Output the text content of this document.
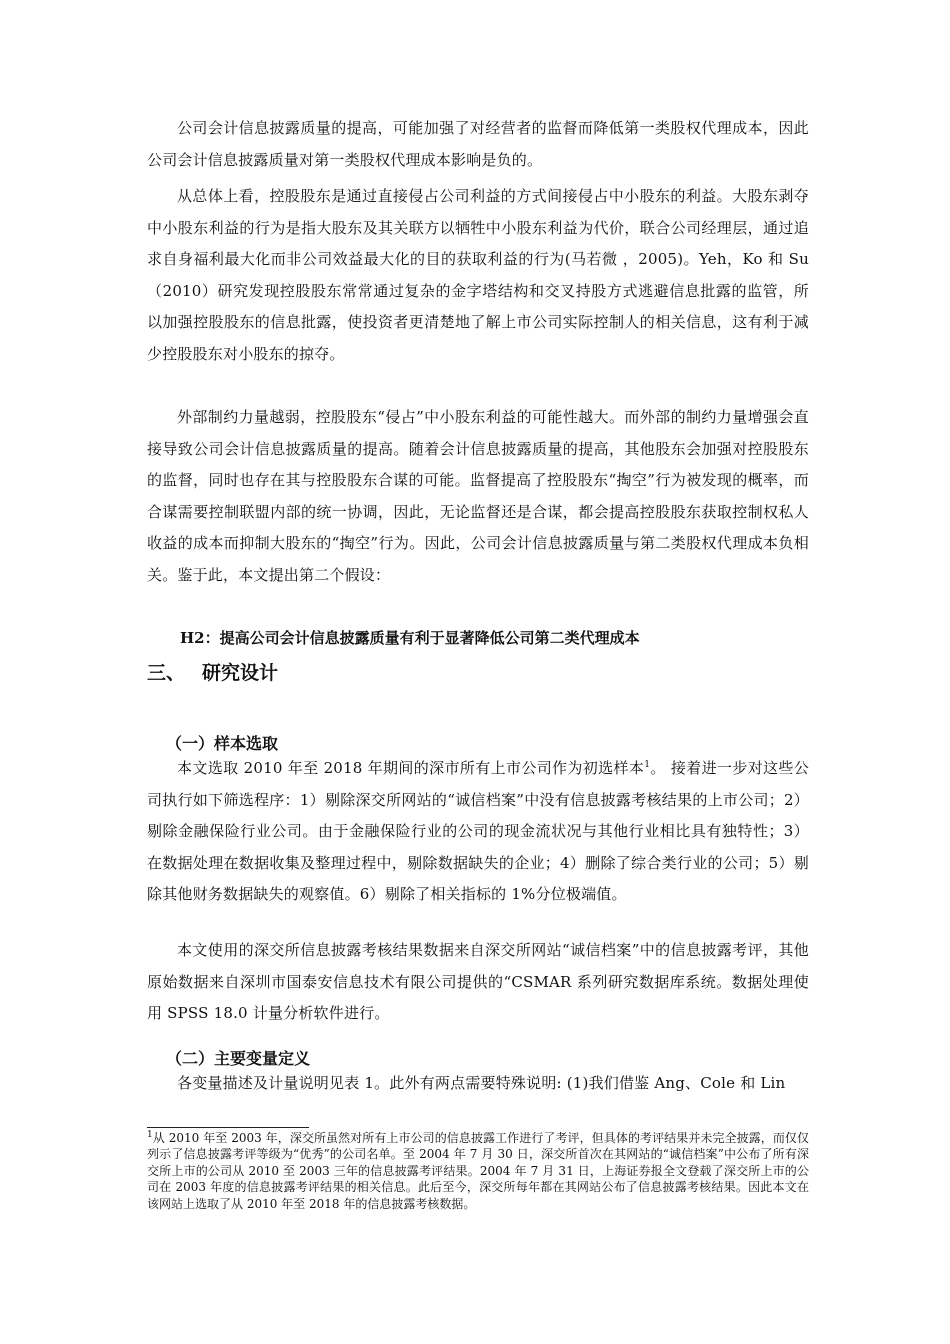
公司会计信息披露质量的提高，可能加强了对经营者的监督而降低第一类股权代理成本，因此公司会计信息披露质量对第一类股权代理成本影响是负的。

从总体上看，控股股东是通过直接侵占公司利益的方式间接侵占中小股东的利益。大股东剥夺中小股东利益的行为是指大股东及其关联方以牺牲中小股东利益为代价，联合公司经理层，通过追求自身福利最大化而非公司效益最大化的目的获取利益的行为(马若微 ，2005)。Yeh，Ko 和 Su（2010）研究发现控股股东常常通过复杂的金字塔结构和交叉持股方式逃避信息批露的监管，所以加强控股股东的信息批露，使投资者更清楚地了解上市公司实际控制人的相关信息，这有利于减少控股股东对小股东的掠夺。

外部制约力量越弱，控股股东“侵占”中小股东利益的可能性越大。而外部的制约力量增强会直接导致公司会计信息披露质量的提高。随着会计信息披露质量的提高，其他股东会加强对控股股东的监督，同时也存在其与控股股东合谋的可能。监督提高了控股股东“掏空”行为被发现的概率，而合谋需要控制联盟内部的统一协调，因此，无论监督还是合谋，都会提高控股股东获取控制权私人收益的成本而抑制大股东的“掏空”行为。因此，公司会计信息披露质量与第二类股权代理成本负相关。鉴于此，本文提出第二个假设：

H2：提高公司会计信息披露质量有利于显著降低公司第二类代理成本

三、 研究设计
（一）样本选取

本文选取 2010 年至 2018 年期间的深市所有上市公司作为初选样本$^1$。 接着进一步对这些公司执行如下筛选程序：1）剔除深交所网站的“诚信档案”中没有信息披露考核结果的上市公司；2）剔除金融保险行业公司。由于金融保险行业的公司的现金流状况与其他行业相比具有独特性；3）在数据处理在数据收集及整理过程中，剔除数据缺失的企业；4）删除了综合类行业的公司；5）剔除其他财务数据缺失的观察值。6）剔除了相关指标的 1%分位极端值。

本文使用的深交所信息披露考核结果数据来自深交所网站“诚信档案”中的信息披露考评，其他原始数据来自深圳市国泰安信息技术有限公司提供的“CSMAR 系列研究数据库系统。数据处理使用 SPSS 18.0 计量分析软件进行。

（二）主要变量定义

各变量描述及计量说明见表 1。此外有两点需要特殊说明: (1)我们借鉴 Ang、Cole 和 Lin

$^1$从 2010 年至 2003 年，深交所虽然对所有上市公司的信息披露工作进行了考评，但具体的考评结果并未完全披露，而仅仅列示了信息披露考评等级为“优秀”的公司名单。至 2004 年 7 月 30 日，深交所首次在其网站的“诚信档案”中公布了所有深交所上市的公司从 2010 至 2003 三年的信息披露考评结果。2004 年 7 月 31 日，上海证券报全文登载了深交所上市的公司在 2003 年度的信息披露考评结果的相关信息。此后至今，深交所每年都在其网站公布了信息披露考核结果。因此本文在该网站上选取了从 2010 年至 2018 年的信息披露考核数据。
